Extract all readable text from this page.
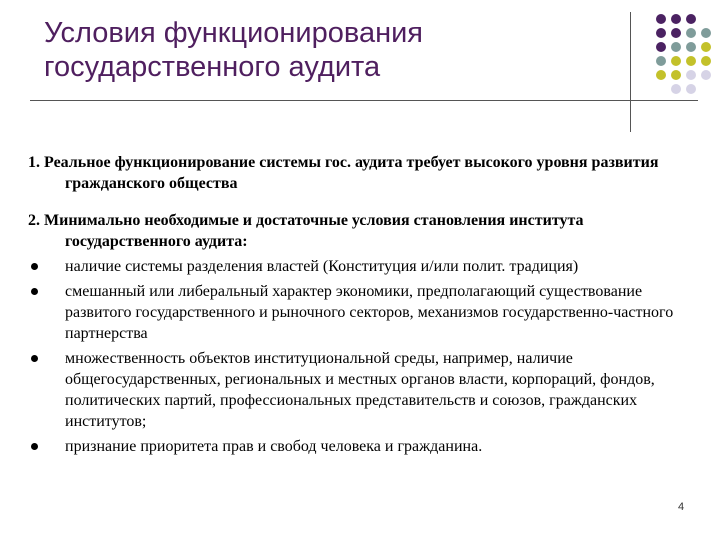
Условия функционирования
государственного аудита
1. Реальное функционирование системы гос. аудита требует высокого уровня развития гражданского общества
2. Минимально необходимые и достаточные условия становления института государственного аудита:
наличие системы разделения властей (Конституция и/или полит. традиция)
смешанный или либеральный характер экономики, предполагающий существование развитого государственного и рыночного секторов, механизмов государственно-частного партнерства
множественность объектов институциональной среды, например, наличие общегосударственных, региональных и местных органов власти, корпораций, фондов, политических партий, профессиональных представительств и союзов, гражданских институтов;
признание приоритета прав и свобод человека и гражданина.
4
